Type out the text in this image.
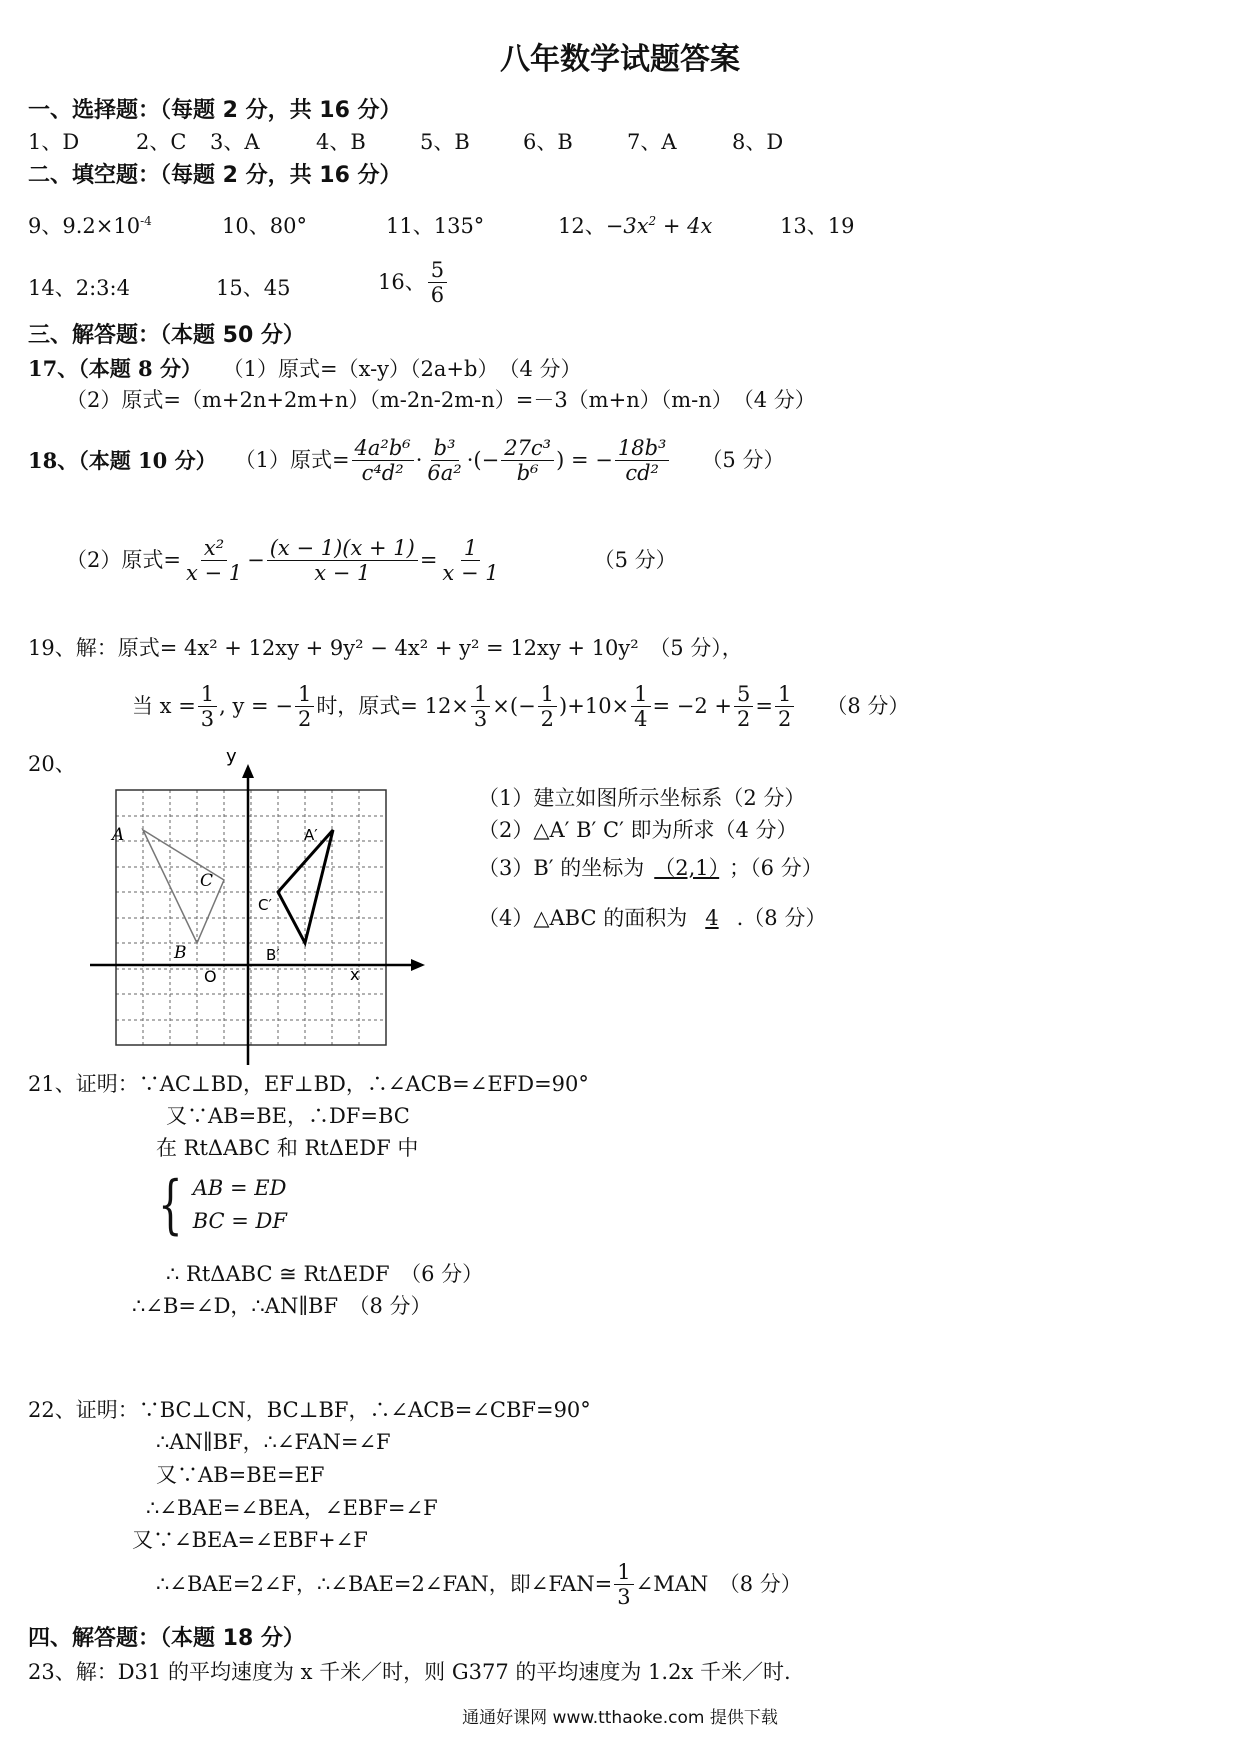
八年数学试题答案
一、选择题：（每题 2 分，共 16 分）
1、D	2、C 3、A	4、B	5、B	6、B	7、A	8、D
二、填空题：（每题 2 分，共 16 分）
9、$9.2\times 10^{-4}$	10、80°	11、135°	12、$-3x^2 + 4x$	13、19
14、2:3:4	15、45	16、 $\frac{5}{6}$
三、解答题：（本题 50 分）
17、（本题 8 分） （1）原式=（x-y）（2a+b）　（4 分）
（2）原式=（m+2n+2m+n）（m-2n-2m-n）=－3（m+n）（m-n）　（4 分）
18、（本题 10 分） （1）原式= $\frac{\text{4a²b⁶}}{\text{c⁴d²}} \cdot \frac{\text{b³}}{\text{6a²}}$ ·(− $\frac{\text{27c³}}{\text{b⁶}}$ ) = − $\frac{\text{18b³}}{\text{cd²}} (5$ 分）
（2）原式= $\frac{\text{x²}}{x - 1} - \frac{(x - 1)(x + 1)}{x - 1} = \frac{1}{x - 1}$	（5 分）
19、解：原式= 4x² + 12xy + 9y² − 4x² + y² = 12xy + 10y²　（5 分），
当 $x = \frac{1}{3}$ , y = − $\frac{1}{2}$ 时，原式= $12\times \frac{1}{3}$ ×(− $\frac{1}{2} )+10\times \frac{1}{4} = -2 + \frac{5}{2} = \frac{1}{2} (8$ 分）
20、	y
x
O
A
B
C
A′
B′
C′
（1）建立如图所示坐标系（2 分）
（2）△A′ B′ C′ 即为所求（4 分）
（3）B′ 的坐标为 （2,1） ；（6 分）
（4）△ABC 的面积为 4 .（8 分）
21、证明：∵AC⊥BD，EF⊥BD，∴∠ACB=∠EFD=90°
又∵AB=BE，∴DF=BC
在 RtΔABC 和 RtΔEDF 中
{ AB = ED
BC = DF
∴ RtΔABC ≅ RtΔEDF　（6 分）
∴∠B=∠D，∴AN∥BF　（8 分）
22、证明：∵BC⊥CN，BC⊥BF，∴∠ACB=∠CBF=90°
∴AN∥BF，∴∠FAN=∠F
又∵AB=BE=EF
∴∠BAE=∠BEA，∠EBF=∠F
又∵∠BEA=∠EBF+∠F
∴∠BAE=2∠F，∴∠BAE=2∠FAN，即∠FAN= $\frac{1}{3}$ ∠MAN　（8 分）
四、解答题：（本题 18 分）
23、解：D31 的平均速度为 x 千米／时，则 G377 的平均速度为 1.2x 千米／时.
通通好课网 www.tthaoke.com 提供下载
